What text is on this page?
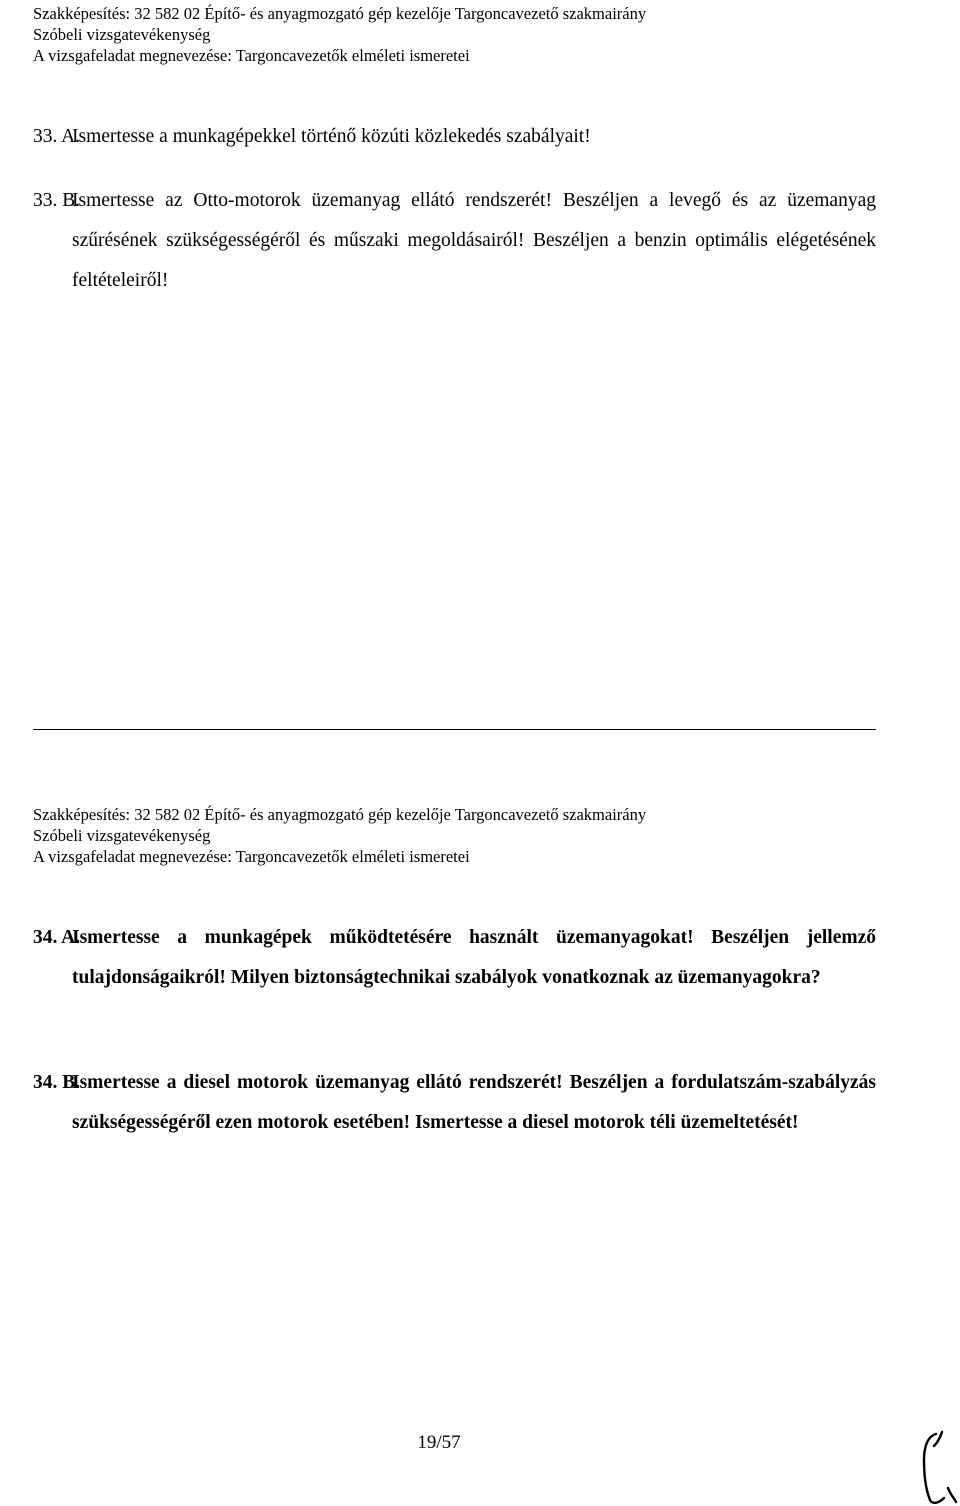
Szakképesítés: 32 582 02 Építő- és anyagmozgató gép kezelője Targoncavezető szakmairány
Szóbeli vizsgatevékenység
A vizsgafeladat megnevezése: Targoncavezetők elméleti ismeretei
33. A.
Ismertesse a munkagépekkel történő közúti közlekedés szabályait!
33. B.
Ismertesse az Otto-motorok üzemanyag ellátó rendszerét! Beszéljen a levegő és az üzemanyag szűrésének szükségességéről és műszaki megoldásairól! Beszéljen a benzin optimális elégetésének feltételeiről!
Szakképesítés: 32 582 02 Építő- és anyagmozgató gép kezelője Targoncavezető szakmairány
Szóbeli vizsgatevékenység
A vizsgafeladat megnevezése: Targoncavezetők elméleti ismeretei
34. A.
Ismertesse a munkagépek működtetésére használt üzemanyagokat! Beszéljen jellemző tulajdonságaikról! Milyen biztonságtechnikai szabályok vonatkoznak az üzemanyagokra?
34. B.
Ismertesse a diesel motorok üzemanyag ellátó rendszerét! Beszéljen a fordulatszám-szabályzás szükségességéről ezen motorok esetében! Ismertesse a diesel motorok téli üzemeltetését!
19/57
